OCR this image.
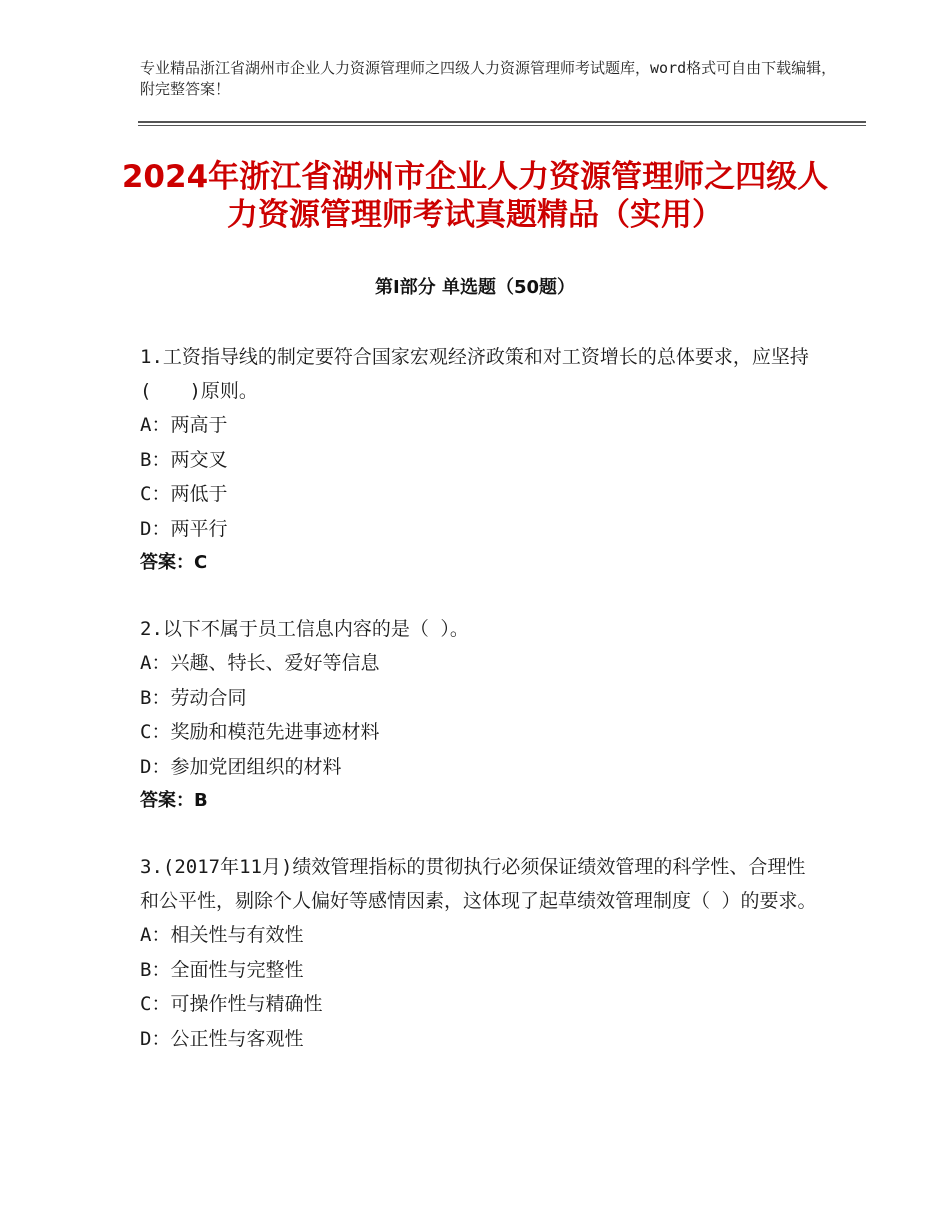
专业精品浙江省湖州市企业人力资源管理师之四级人力资源管理师考试题库，word格式可自由下载编辑，附完整答案！
2024年浙江省湖州市企业人力资源管理师之四级人力资源管理师考试真题精品（实用）
第Ⅰ部分 单选题（50题）

1.工资指导线的制定要符合国家宏观经济政策和对工资增长的总体要求，应坚持(　　)原则。

A：两高于

B：两交叉

C：两低于

D：两平行

答案：C

2.以下不属于员工信息内容的是（ ）。

A：兴趣、特长、爱好等信息

B：劳动合同

C：奖励和模范先进事迹材料

D：参加党团组织的材料

答案：B

3.(2017年11月)绩效管理指标的贯彻执行必须保证绩效管理的科学性、合理性和公平性，剔除个人偏好等感情因素，这体现了起草绩效管理制度（ ）的要求。

A：相关性与有效性

B：全面性与完整性

C：可操作性与精确性

D：公正性与客观性
